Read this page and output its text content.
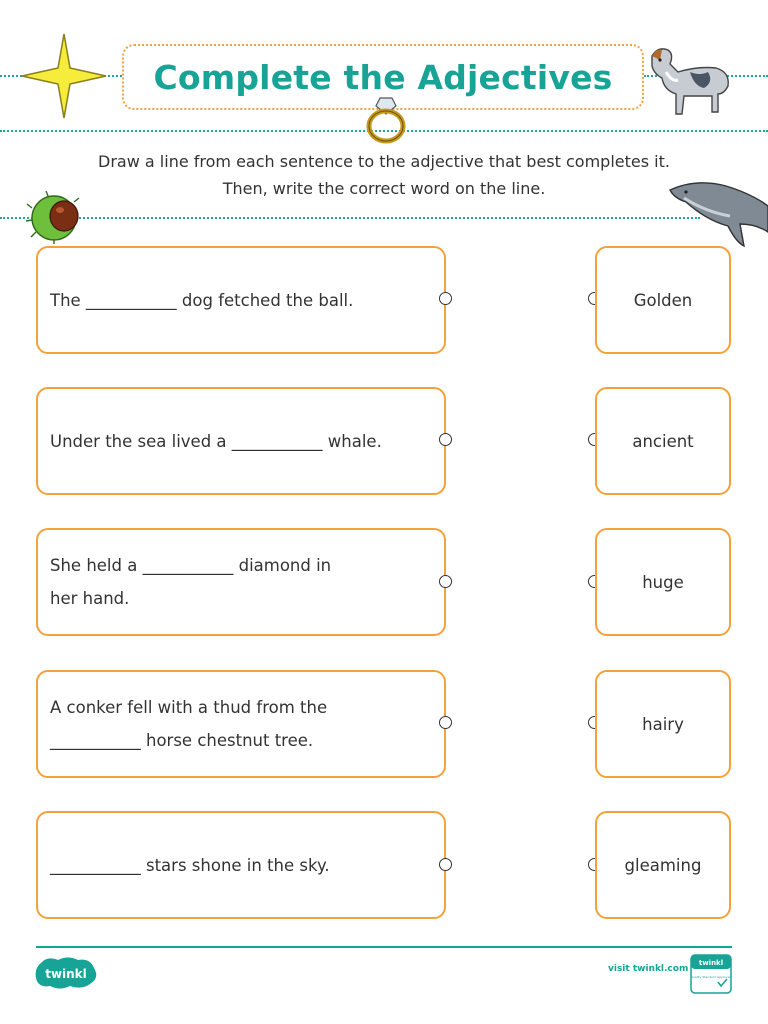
Complete the Adjectives
Draw a line from each sentence to the adjective that best completes it.
Then, write the correct word on the line.
The ___________ dog fetched the ball.	Golden
Under the sea lived a ___________ whale.	ancient
She held a ___________ diamond in
her hand.
huge
A conker fell with a thud from the
___________ horse chestnut tree.
hairy
___________ stars shone in the sky.	gleaming
twinkl	visit twinkl.com
twinkl
Quality Standard Approved
